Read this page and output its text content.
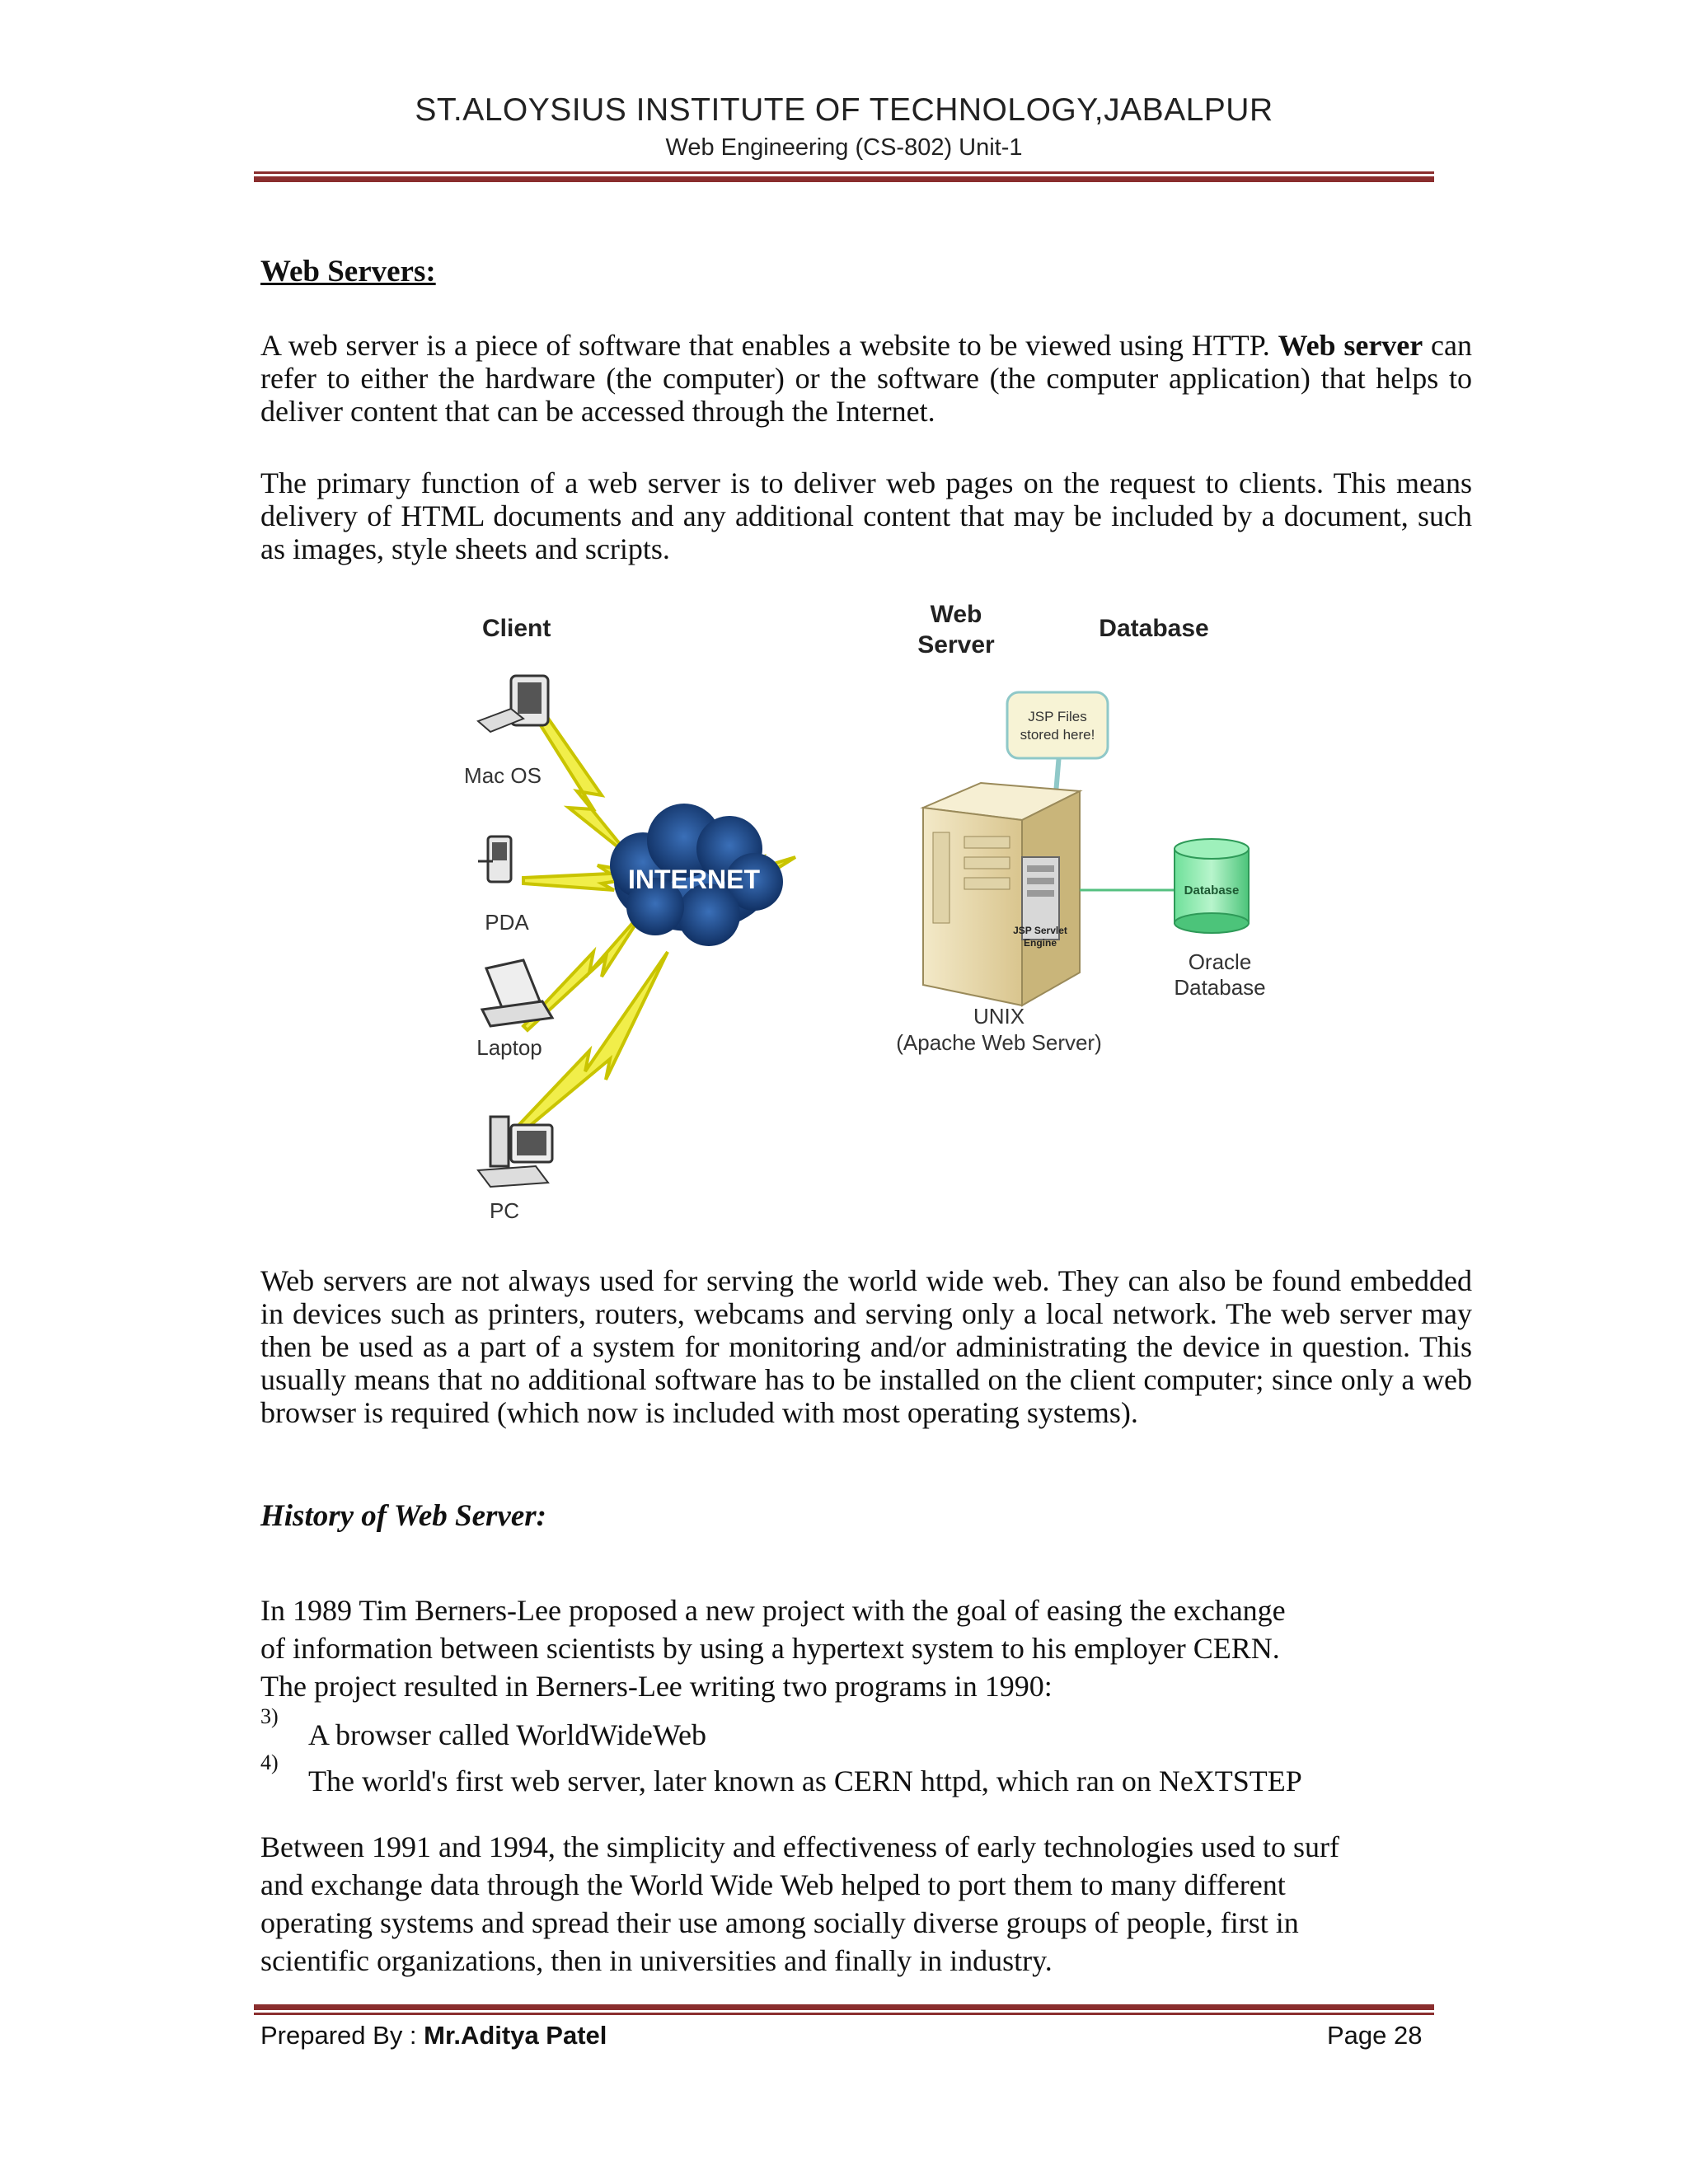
ST.ALOYSIUS INSTITUTE OF TECHNOLOGY,JABALPUR
Web Engineering (CS-802) Unit-1
Web Servers:
A web server is a piece of software that enables a website to be viewed using HTTP. Web server can refer to either the hardware (the computer) or the software (the computer application) that helps to deliver content that can be accessed through the Internet.
The primary function of a web server is to deliver web pages on the request to clients. This means delivery of HTML documents and any additional content that may be included by a document, such as images, style sheets and scripts.
Client
Web
Server
Database
Mac OS
PDA
Laptop
PC
INTERNET
JSP Files
stored here!
JSP Servlet
Engine
Database
Oracle
Database
UNIX
(Apache Web Server)
Web servers are not always used for serving the world wide web. They can also be found embedded in devices such as printers, routers, webcams and serving only a local network. The web server may then be used as a part of a system for monitoring and/or administrating the device in question. This usually means that no additional software has to be installed on the client computer; since only a web browser is required (which now is included with most operating systems).
History of Web Server:
In 1989 Tim Berners-Lee proposed a new project with the goal of easing the exchange
of information between scientists by using a hypertext system to his employer CERN.
The project resulted in Berners-Lee writing two programs in 1990:
3)
A browser called WorldWideWeb
4)
The world's first web server, later known as CERN httpd, which ran on NeXTSTEP
Between 1991 and 1994, the simplicity and effectiveness of early technologies used to surf
and exchange data through the World Wide Web helped to port them to many different
operating systems and spread their use among socially diverse groups of people, first in
scientific organizations, then in universities and finally in industry.
Prepared By : Mr.Aditya Patel	Page 28
